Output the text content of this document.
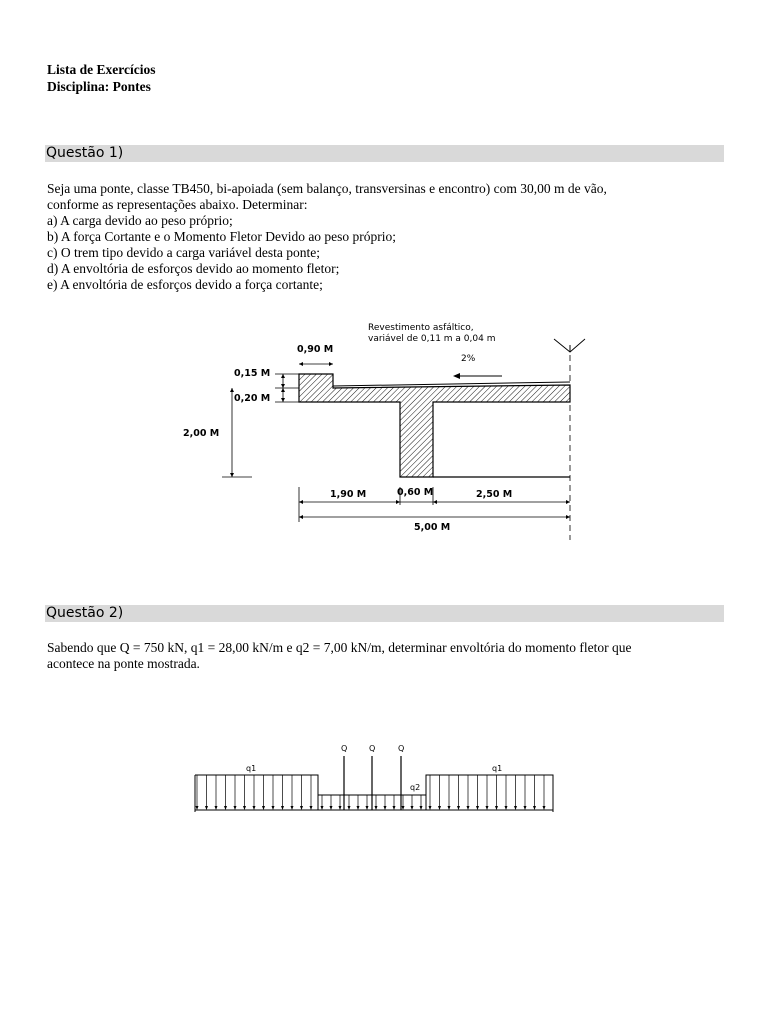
Lista de Exercícios
Disciplina: Pontes
Questão 1)
Seja uma ponte, classe TB450, bi-apoiada (sem balanço, transversinas e encontro) com 30,00 m de vão,
conforme as representações abaixo. Determinar:
a) A carga devido ao peso próprio;
b) A força Cortante e o Momento Fletor Devido ao peso próprio;
c) O trem tipo devido a carga variável desta ponte;
d) A envoltória de esforços devido ao momento fletor;
e) A envoltória de esforços devido a força cortante;
0,90 M
0,15 M
0,20 M
2,00 M
Revestimento asfáltico,
variável de 0,11 m a 0,04 m
2%
1,90 M	0,60 M	2,50 M
5,00 M
Questão 2)
Sabendo que Q = 750 kN, q1 = 28,00 kN/m e q2 = 7,00 kN/m, determinar envoltória do momento fletor que
acontece na ponte mostrada.
Q	Q	Q
q1	q1
q2
